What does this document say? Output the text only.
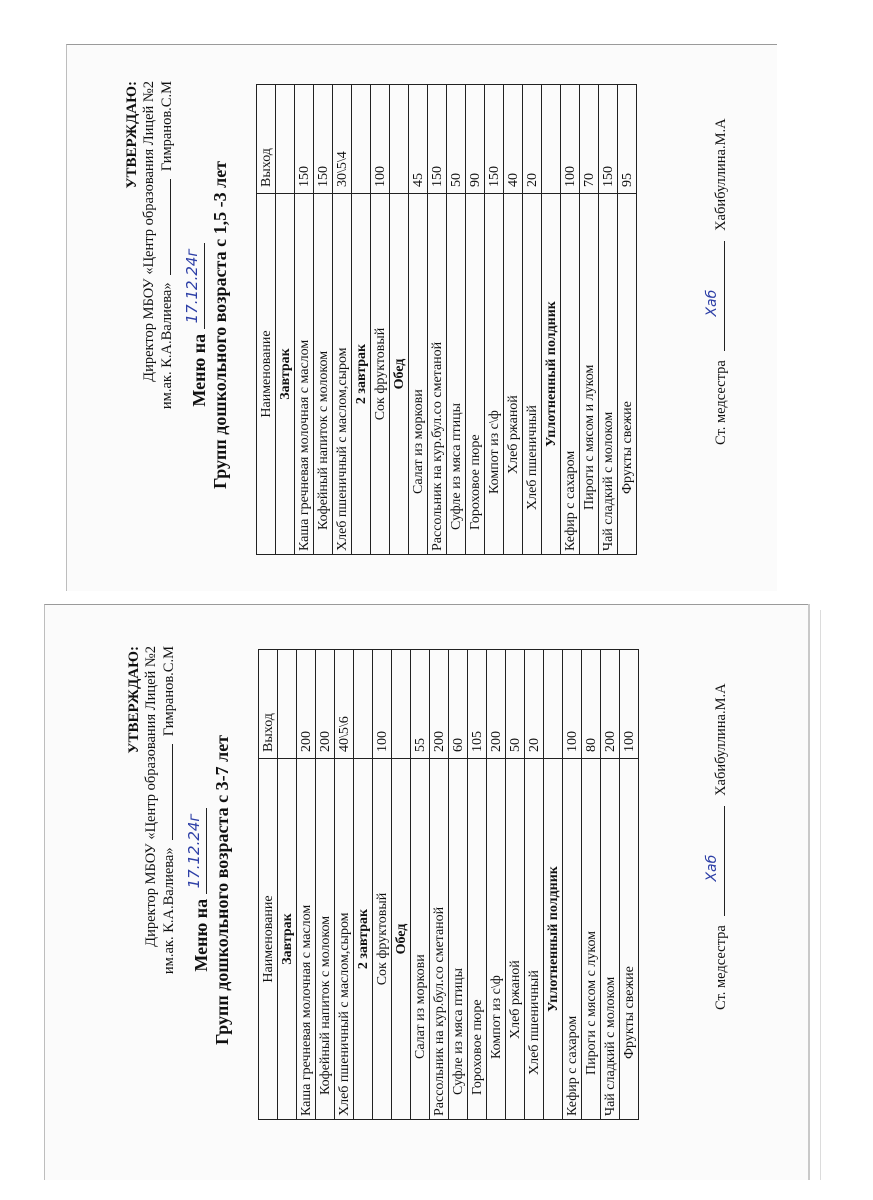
УТВЕРЖДАЮ: Директор МБОУ «Центр образования Лицей №2 им.ак. К.А.Валиева»  Гимранов.С.М
Меню на
17.12.24г Групп дошкольного возраста с 1,5 -3 лет Наименование	Выход
Завтрак	
Каша гречневая молочная с маслом	150
Кофейный напиток с молоком	150
Хлеб пшеничный с маслом,сыром	30\5\4
2 завтрак	
Сок фруктовый	100
Обед	
Салат из моркови	45
Рассольник на кур.бул.со сметаной	150
Суфле из мяса птицы	50
Гороховое пюре	90
Компот из с\ф	150
Хлеб ржаной	40
Хлеб пшеничный	20
Уплотненный полдник	
Кефир с сахаром	100
Пироги с мясом и луком	70
Чай сладкий с молоком	150
Фрукты свежие	95
Ст. медсестра
Хаб
Хабибуллина.М.А
УТВЕРЖДАЮ: Директор МБОУ «Центр образования Лицей №2 им.ак. К.А.Валиева»  Гимранов.С.М
Меню на
17.12.24г Групп дошкольного возраста с 3-7 лет Наименование	Выход
Завтрак	
Каша гречневая молочная с маслом	200
Кофейный напиток с молоком	200
Хлеб пшеничный с маслом,сыром	40\5\6
2 завтрак	
Сок фруктовый	100
Обед	
Салат из моркови	55
Рассольник на кур.бул.со сметаной	200
Суфле из мяса птицы	60
Гороховое пюре	105
Компот из с\ф	200
Хлеб ржаной	50
Хлеб пшеничный	20
Уплотненный полдник	
Кефир с сахаром	100
Пироги с мясом с луком	80
Чай сладкий с молоком	200
Фрукты свежие	100
Ст. медсестра
Хаб
Хабибуллина.М.А
